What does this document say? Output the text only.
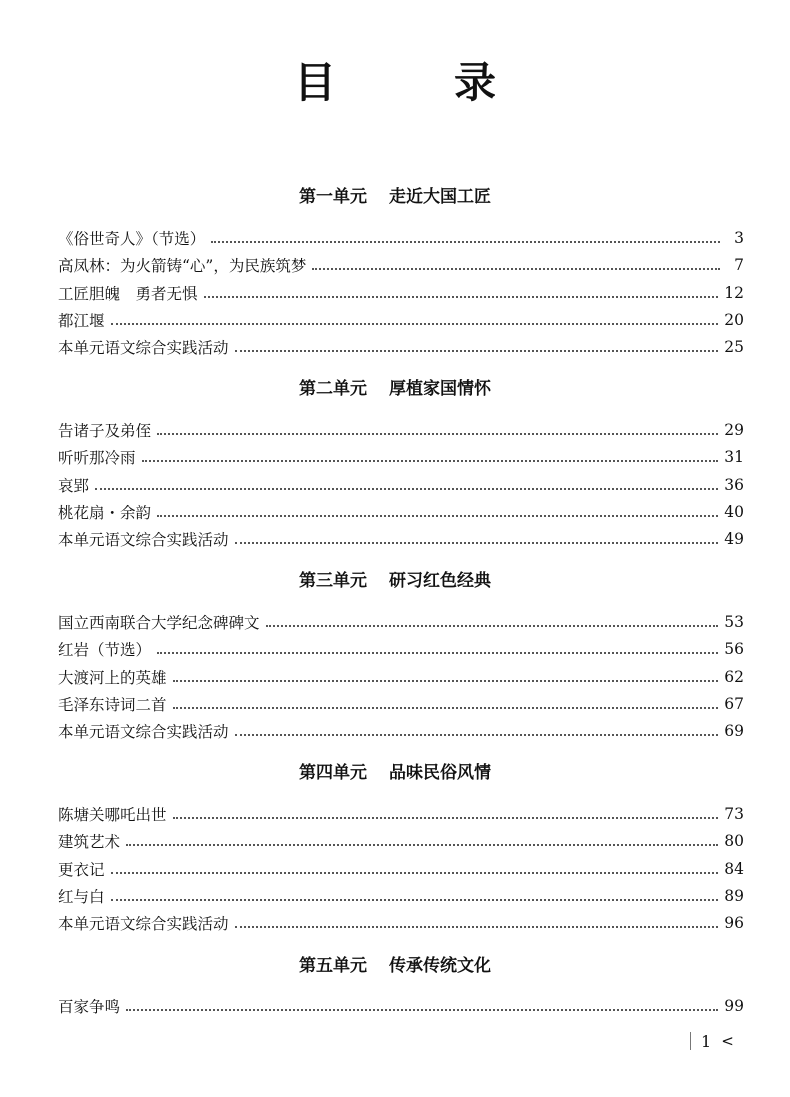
目	录
第一单元 走近大国工匠
《俗世奇人》（节选）	3
高凤林：为火箭铸“心”，为民族筑梦	7
工匠胆魄　勇者无惧	12
都江堰	20
本单元语文综合实践活动	25
第二单元 厚植家国情怀
告诸子及弟侄	29
听听那冷雨	31
哀郢	36
桃花扇・余韵	40
本单元语文综合实践活动	49
第三单元 研习红色经典
国立西南联合大学纪念碑碑文	53
红岩（节选）	56
大渡河上的英雄	62
毛泽东诗词二首	67
本单元语文综合实践活动	69
第四单元 品味民俗风情
陈塘关哪吒出世	73
建筑艺术	80
更衣记	84
红与白	89
本单元语文综合实践活动	96
第五单元 传承传统文化
百家争鸣	99
1 <
